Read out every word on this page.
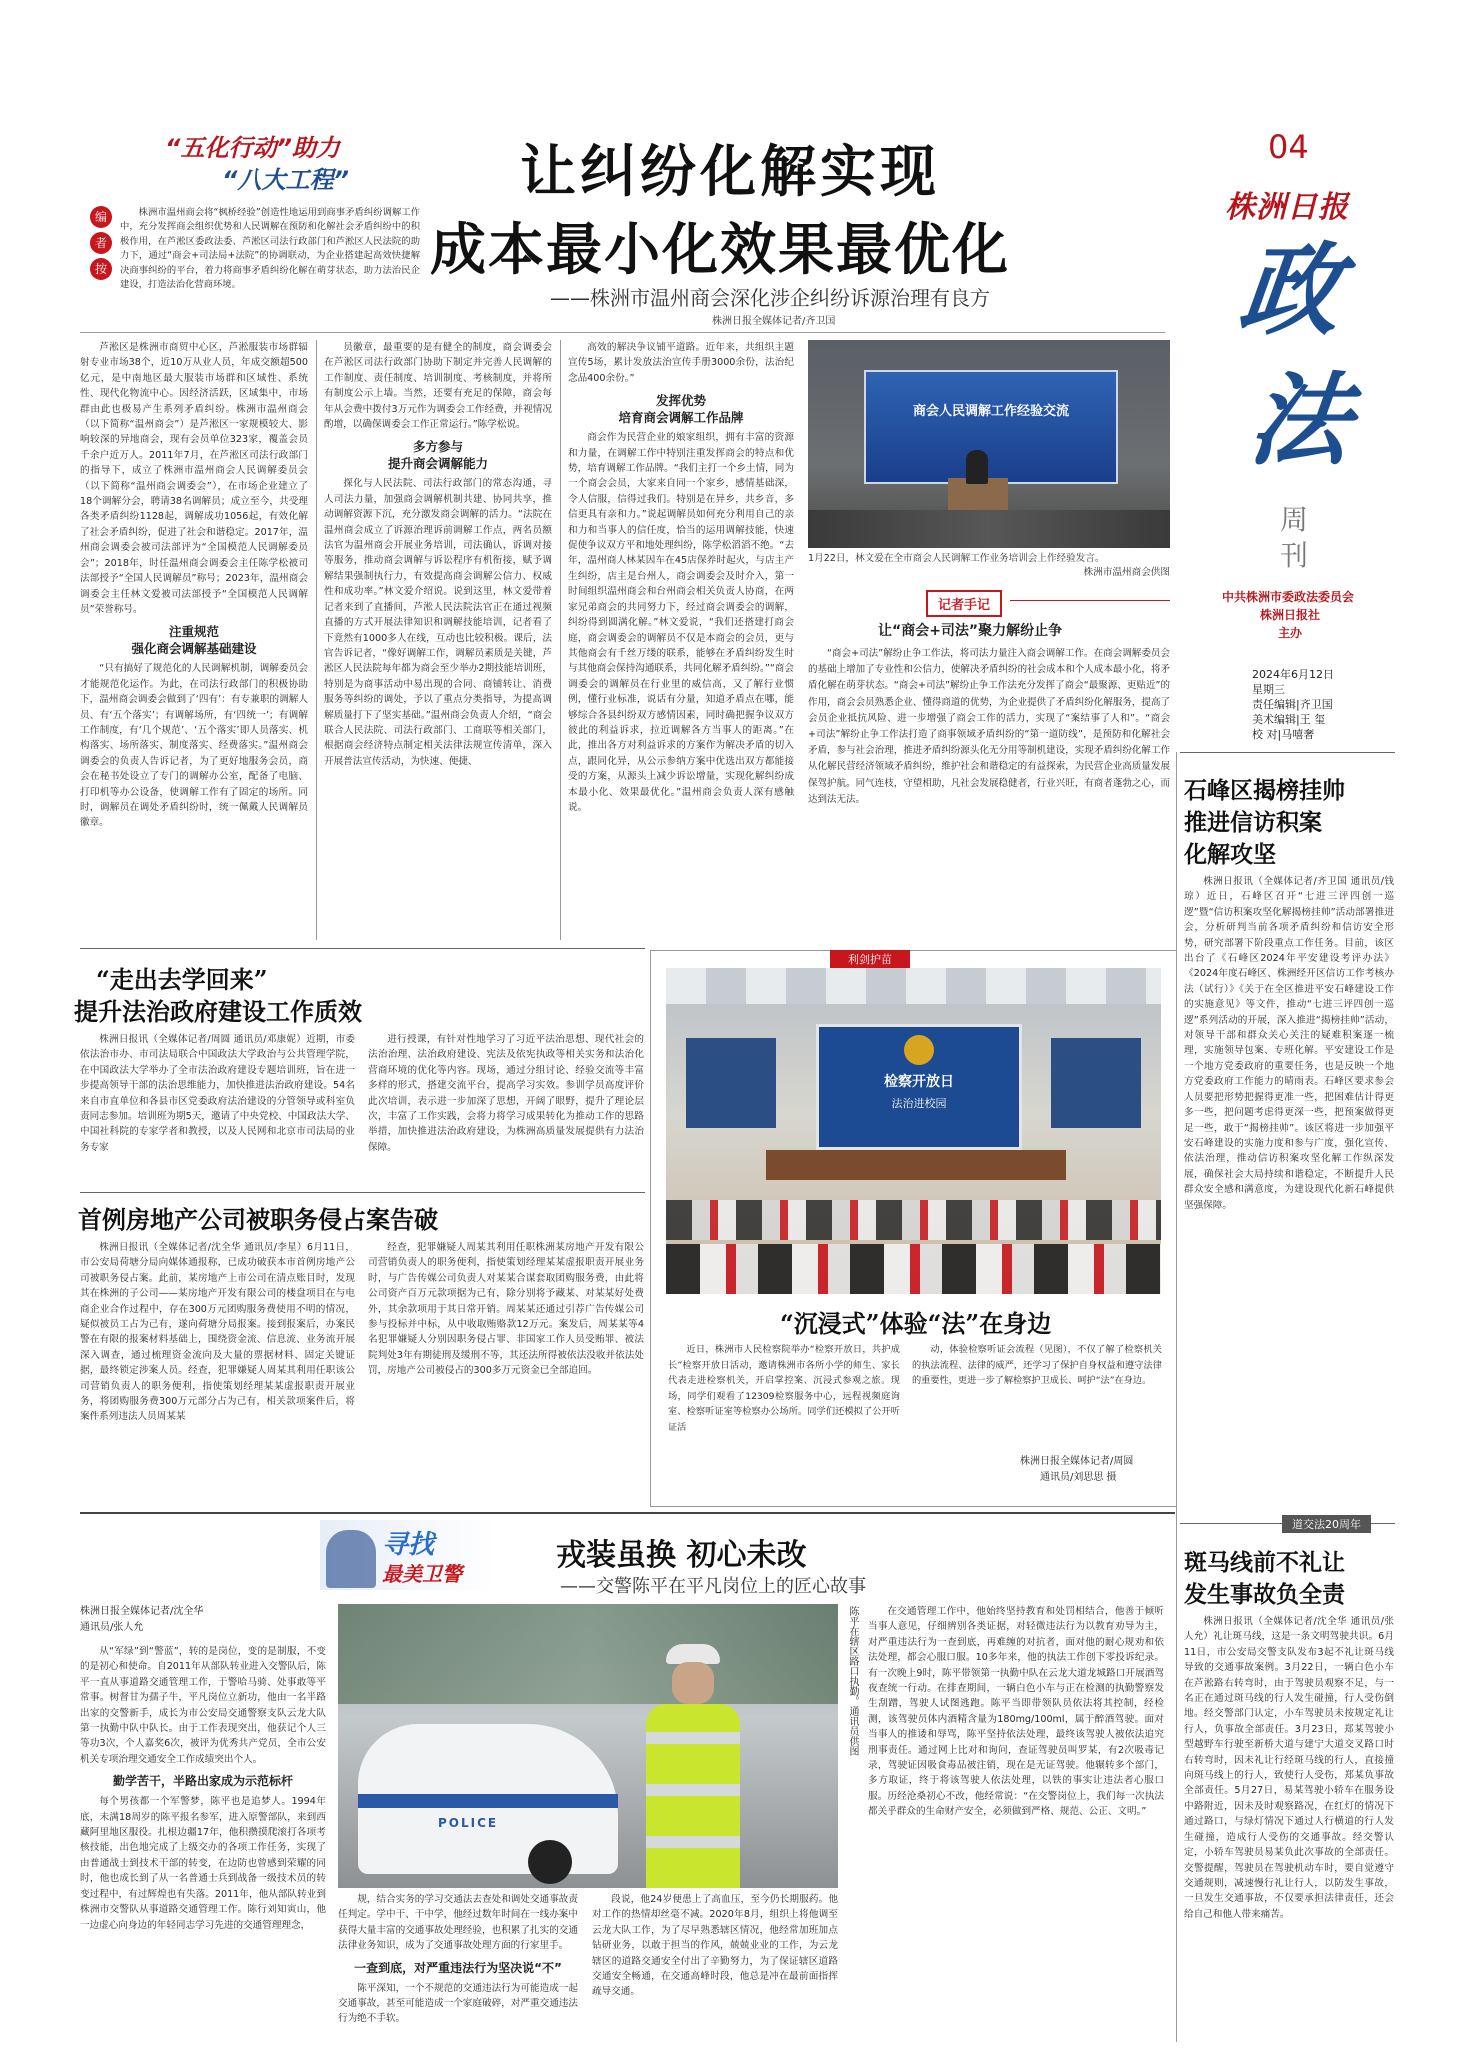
04
株洲日报
政
法
周
刊
中共株洲市委政法委员会
株洲日报社
主办
2024年6月12日
星期三
责任编辑|齐卫国
美术编辑|王 玺
校 对|马嘻奢
“五化行动”助力
“八大工程”
编
者
按
株洲市温州商会将“枫桥经验”创造性地运用到商事矛盾纠纷调解工作中，充分发挥商会组织优势和人民调解在预防和化解社会矛盾纠纷中的积极作用，在芦淞区委政法委、芦淞区司法行政部门和芦淞区人民法院的助力下，通过“商会+司法局+法院”的协调联动，为企业搭建起高效快捷解决商事纠纷的平台，着力将商事矛盾纠纷化解在萌芽状态，助力法治民企建设，打造法治化营商环境。
让纠纷化解实现
成本最小化效果最优化
——株洲市温州商会深化涉企纠纷诉源治理有良方
株洲日报全媒体记者/齐卫国

芦淞区是株洲市商贸中心区，芦淞服装市场群辐射专业市场38个，近10万从业人员，年成交额超500亿元，是中南地区最大服装市场群和区域性、系统性、现代化物流中心。因经济活跃，区域集中，市场群由此也极易产生系列矛盾纠纷。株洲市温州商会（以下简称“温州商会”）是芦淞区一家规模较大、影响较深的异地商会，现有会员单位323家，覆盖会员千余户近万人。2011年7月，在芦淞区司法行政部门的指导下，成立了株洲市温州商会人民调解委员会（以下简称“温州商会调委会”），在市场企业建立了18个调解分会，聘请38名调解员；成立至今，共受理各类矛盾纠纷1128起，调解成功1056起，有效化解了社会矛盾纠纷，促进了社会和谐稳定。2017年，温州商会调委会被司法部评为“全国模范人民调解委员会”；2018年，时任温州商会调委会主任陈学松被司法部授予“全国人民调解员”称号；2023年，温州商会调委会主任林文爱被司法部授予“全国模范人民调解员”荣誉称号。

注重规范
强化商会调解基础建设

“只有搞好了规范化的人民调解机制，调解委员会才能规范化运作。为此，在司法行政部门的积极协助下，温州商会调委会做到了‘四有’：有专兼职的调解人员、有‘五个落实’；有调解场所，有‘四统一’；有调解工作制度，有‘几个规范’、‘五个落实’即人员落实、机构落实、场所落实、制度落实、经费落实。”温州商会调委会的负责人告诉记者，为了更好地服务会员，商会在秘书处设立了专门的调解办公室，配备了电脑、打印机等办公设备，使调解工作有了固定的场所。同时，调解员在调处矛盾纠纷时，统一佩戴人民调解员徽章。

员徽章，最重要的是有健全的制度，商会调委会在芦淞区司法行政部门协助下制定并完善人民调解的工作制度、责任制度、培训制度、考核制度，并将所有制度公示上墙。当然，还要有充足的保障，商会每年从会费中拨付3万元作为调委会工作经费，并视情况酌增，以确保调委会工作正常运行。”陈学松说。

多方参与
提升商会调解能力

探化与人民法院、司法行政部门的常态沟通，寻人司法力量，加强商会调解机制共建、协同共享，推动调解资源下沉，充分激发商会调解的活力。“法院在温州商会成立了诉源治理诉前调解工作点，两名员额法官为温州商会开展业务培训，司法确认，诉调对接等服务，推动商会调解与诉讼程序有机衔接，赋予调解结果强制执行力，有效提高商会调解公信力、权威性和成功率。”林文爱介绍说。说到这里，林文爱带着记者来到了直播间，芦淞人民法院法官正在通过视频直播的方式开展法律知识和调解技能培训，记者看了下竟然有1000多人在线，互动也比较积极。课后，法官告诉记者，“像好调解工作，调解员素质是关键，芦淞区人民法院每年都为商会至少举办2期技能培训班，特别是为商事活动中易出现的合同、商铺转让、消费服务等纠纷的调处，予以了重点分类指导，为提高调解质量打下了坚实基础。”温州商会负责人介绍，“商会联合人民法院、司法行政部门、工商联等相关部门，根据商会经济特点制定相关法律法规宣传清单，深入开展普法宣传活动，为快速、便捷、

高效的解决争议铺平道路。近年来，共组织主题宣传5场，累计发放法治宣传手册3000余份，法治纪念品400余份。”

发挥优势
培育商会调解工作品牌

商会作为民营企业的娘家组织，拥有丰富的资源和力量，在调解工作中特别注重发挥商会的特点和优势，培育调解工作品牌。“我们主打一个乡土情，同为一个商会会员，大家来自同一个家乡，感情基础深，令人信服，信得过我们。特别是在异乡，共乡音，多信更具有亲和力。”说起调解员如何充分利用自己的亲和力和当事人的信任度，恰当的运用调解技能，快速促使争议双方平和地处理纠纷，陈学松滔滔不绝。“去年，温州商人林某因车在45店保养时起火，与店主产生纠纷，店主是台州人，商会调委会及时介入，第一时间组织温州商会和台州商会相关负责人协商，在两家兄弟商会的共同努力下，经过商会调委会的调解，纠纷得到圆满化解。”林文爱说，“我们还搭建打商会庭，商会调委会的调解员不仅是本商会的会员，更与其他商会有千丝万缕的联系，能够在矛盾纠纷发生时与其他商会保持沟通联系，共同化解矛盾纠纷。”“商会调委会的调解员在行业里的威信高，又了解行业惯例，懂行业标准，说话有分量，知道矛盾点在哪，能够综合各县纠纷双方感情因素，同时确把握争议双方彼此的利益诉求，拉近调解各方当事人的距离。”在此，推出各方对利益诉求的方案作为解决矛盾的切入点，跟同化异，从公示参纳方案中优选出双方都能接受的方案，从源头上减少诉讼增量，实现化解纠纷成本最小化、效果最优化。”温州商会负责人深有感触说。

商会人民调解工作经验交流
1月22日，林文爱在全市商会人民调解工作业务培训会上作经验发言。
株洲市温州商会供图
记者手记
让“商会+司法”聚力解纷止争
“商会+司法”解纷止争工作法，将司法力量注入商会调解工作。在商会调解委员会的基础上增加了专业性和公信力，使解决矛盾纠纷的社会成本和个人成本最小化，将矛盾化解在萌芽状态。“商会+司法”解纷止争工作法充分发挥了商会“最聚源、更贴近”的作用，商会会员熟悉企业、懂得商道的优势，为企业提供了矛盾纠纷化解服务，提高了会员企业抵抗风险、进一步增强了商会工作的活力，实现了“案结事了人和”。“商会+司法”解纷止争工作法打造了商事领域矛盾纠纷的“第一道防线”，是预防和化解社会矛盾，参与社会治理，推进矛盾纠纷源头化无分用等制机建设，实现矛盾纠纷化解工作从化解民营经济领域矛盾纠纷，维护社会和谐稳定的有益探索，为民营企业高质量发展保驾护航。同气连枝，守望相助，凡社会发展稳健者，行业兴旺，有商者蓬勃之心，而达到法无法。
“走出去学回来”
提升法治政府建设工作质效
株洲日报讯（全媒体记者/周圆 通讯员/邓康妮）近期，市委依法治市办、市司法局联合中国政法大学政治与公共管理学院，在中国政法大学举办了全市法治政府建设专题培训班，旨在进一步提高领导干部的法治思维能力，加快推进法治政府建设。54名来自市直单位和各县市区党委政府法治建设的分管领导或科室负责同志参加。培训班为期5天，邀请了中央党校、中国政法大学、中国社科院的专家学者和教授，以及人民网和北京市司法局的业务专家
进行授课，有针对性地学习了习近平法治思想、现代社会的法治治理、法治政府建设、宪法及依宪执政等相关实务和法治化营商环境的优化等内容。现场，通过分组讨论、经验交流等丰富多样的形式，搭建交流平台，提高学习实效。参训学员高度评价此次培训，表示进一步加深了思想，开阔了眼野，提升了理论层次，丰富了工作实践，会将力将学习成果转化为推动工作的思路举措，加快推进法治政府建设，为株洲高质量发展提供有力法治保障。
首例房地产公司被职务侵占案告破
株洲日报讯（全媒体记者/沈全华 通讯员/李星）6月11日，市公安局荷塘分局向媒体通报称，已成功破获本市首例房地产公司被职务侵占案。此前，某房地产上市公司在清点账目时，发现其在株洲的子公司——某房地产开发有限公司的楼盘项目在与电商企业合作过程中，存在300万元团购服务费使用不明的情况，疑似被员工占为己有，遂向荷塘分局报案。接到报案后，办案民警在有限的报案材料基础上，围绕资金流、信息流、业务流开展深入调查，通过梳理资金流向及大量的票据材料、固定关键证据，最终锁定涉案人员。经查，犯罪嫌疑人周某其利用任职该公司营销负责人的职务便利，指使策划经理某某虚报职责开展业务，将团购服务费300万元部分占为己有，相关款项案件后，将案件系列违法人员周某某
经查，犯罪嫌疑人周某其利用任职株洲某房地产开发有限公司营销负责人的职务便利，指使策划经理某某虚报职责开展业务时，与广告传媒公司负责人对某某合谋套取团购服务费，由此将公司资产百万元款项据为己有，除分别将予藏某、对某某好处费外，其余款项用于其日常开销。周某某还通过引荐广告传媒公司参与投标并中标，从中收取贿赂款12万元。案发后，周某某等4名犯罪嫌疑人分别因职务侵占罪、非国家工作人员受贿罪、被法院判处3年有期徒刑及缓刑不等，其还法所得被依法没收并依法处罚，房地产公司被侵占的300多万元资金已全部追回。
利剑护苗
检察开放日
法治进校园
“沉浸式”体验“法”在身边
近日，株洲市人民检察院举办“检察开放日，共护成长”检察开放日活动，邀请株洲市各所小学的师生、家长代表走进检察机关，开启掌控案、沉浸式参观之旅。现场，同学们观看了12309检察服务中心，远程视频庭询室、检察听证室等检察办公场所。同学们还模拟了公开听证活
动，体验检察听证会流程（见图），不仅了解了检察机关的执法流程、法律的威严，还学习了保护自身权益和遵守法律的重要性，更进一步了解检察护卫成长、呵护“法”在身边。
株洲日报全媒体记者/周圆
通讯员/刘思思 摄
石峰区揭榜挂帅
推进信访积案
化解攻坚
株洲日报讯（全媒体记者/齐卫国 通讯员/钱琼）近日，石峰区召开“七进三评四创一巡逻”暨“信访积案攻坚化解揭榜挂帅”活动部署推进会，分析研判当前各项矛盾纠纷和信访安全形势，研究部署下阶段重点工作任务。目前，该区出台了《石峰区2024年平安建设考评办法》《2024年度石峰区、株洲经开区信访工作考核办法（试行）》《关于在全区推进平安石峰建设工作的实施意见》等文件，推动“七进三评四创一巡逻”系列活动的开展，深入推进“揭榜挂帅”活动，对领导干部和群众关心关注的疑难积案逐一梳理，实施领导包案、专班化解。平安建设工作是一个地方党委政府的重要任务，也是反映一个地方党委政府工作能力的晴雨表。石峰区要求参会人员要把形势把握得更准一些，把困难估计得更多一些，把问题考虑得更深一些，把预案做得更足一些，敢于“揭榜挂帅”。该区将进一步加强平安石峰建设的实施力度和参与广度，强化宣传、依法治理，推动信访积案攻坚化解工作纵深发展，确保社会大局持续和谐稳定，不断提升人民群众安全感和满意度，为建设现代化新石峰提供坚强保障。
道交法20周年
斑马线前不礼让
发生事故负全责
株洲日报讯（全媒体记者/沈全华 通讯员/张人允）礼让斑马线，这是一条文明驾驶共识。6月11日，市公安局交警支队发布3起不礼让斑马线导致的交通事故案例。3月22日，一辆白色小车在芦淞路右转弯时，由于驾驶员观察不足，与一名正在通过斑马线的行人发生碰撞，行人受伤倒地。经交警部门认定，小车驾驶员未按规定礼让行人，负事故全部责任。3月23日，郑某驾驶小型越野车行驶至新桥大道与建宁大道交叉路口时右转弯时，因未礼让行经斑马线的行人，直接撞向斑马线上的行人，致使行人受伤，郑某负事故全部责任。5月27日，易某驾驶小轿车在服务设中路附近，因未及时观察路况，在红灯的情况下通过路口，与绿灯情况下通过人行横道的行人发生碰撞，造成行人受伤的交通事故。经交警认定，小轿车驾驶员易某负此次事故的全部责任。交警提醒，驾驶员在驾驶机动车时，要自觉遵守交通规则，减速慢行礼让行人，以防发生事故，一旦发生交通事故，不仅要承担法律责任，还会给自己和他人带来痛苦。
寻找
最美卫警
戎装虽换 初心未改
——交警陈平在平凡岗位上的匠心故事
株洲日报全媒体记者/沈全华
通讯员/张人允

从“军绿”到“警蓝”，转的是岗位，变的是制服，不变的是初心和使命。自2011年从部队转业进入交警队后，陈平一直从事道路交通管理工作，于警哈马骑、处事敢等平常事。树督甘为孺子牛，平凡岗位立新功，他由一名半路出家的交警新手，成长为市公安局交通警察支队云龙大队第一执勤中队中队长。由于工作表现突出，他获记个人三等功3次，个人嘉奖6次，被评为优秀共产党员，全市公安机关专项治理交通安全工作成绩突出个人。

勤学苦干，半路出家成为示范标杆

每个男孩都一个军警梦，陈平也是追梦人。1994年底，未满18周岁的陈平报名参军，进入原警部队，来到西藏阿里地区服役。扎根边疆17年，他积攒摸爬滚打各项考核技能，出色地完成了上级交办的各项工作任务，实现了由普通战士到技术干部的转变，在边防也曾感到荣耀的同时，他也成长到了从一名普通士兵到战备一级技术员的转变过程中，有过辉煌也有失落。2011年，他从部队转业到株洲市交警队从事道路交通管理工作。陈行刘知寅山，他一边虚心向身边的年轻同志学习先进的交通管理理念，

POLICE
陈平在辖区路口执勤。通讯员供图

规，结合实务的学习交通法去查处和调处交通事故责任判定。学中干、干中学，他经过数年时间在一线办案中获得大量丰富的交通事故处理经验，也积累了扎实的交通法律业务知识，成为了交通事故处理方面的行家里手。

一查到底，对严重违法行为坚决说“不”

陈平深知，一个不规范的交通违法行为可能造成一起交通事故，甚至可能造成一个家庭破碎，对严重交通违法行为绝不手软。

段说，他24岁便患上了高血压，至今仍长期服药。他对工作的热情却丝毫不减。2020年8月，组织上将他调至云龙大队工作，为了尽早熟悉辖区情况，他经常加班加点钻研业务，以敢于担当的作风，兢兢业业的工作，为云龙辖区的道路交通安全付出了辛勤努力，为了保证辖区道路交通安全畅通，在交通高峰时段，他总是冲在最前面指挥疏导交通。
在交通管理工作中，他始终坚持教育和处罚相结合，他善于倾听当事人意见，仔细辨别各类证据，对轻微违法行为以教育劝导为主，对严重违法行为一查到底，再难缠的对抗者，面对他的耐心规劝和依法处理，都会心服口服。10多年来，他的执法工作创下零投诉纪录。有一次晚上9时，陈平带领第一执勤中队在云龙大道龙城路口开展酒驾夜查统一行动。在排查期间，一辆白色小车与正在检测的执勤警察发生刮蹭，驾驶人试图逃跑。陈平当即带领队员依法将其控制，经检测，该驾驶员体内酒精含量为180mg/100ml，属于醉酒驾驶。面对当事人的推诿和辱骂，陈平坚持依法处理，最终该驾驶人被依法追究刑事责任。通过网上比对和询问，查证驾驶员叫罗某，有2次吸毒记录，驾驶证因吸食毒品被注销，现在是无证驾驶。他辗转多个部门，多方取证，终于将该驾驶人依法处理，以铁的事实让违法者心服口服。历经沧桑初心不改，他经常说：“在交警岗位上，我们每一次执法都关乎群众的生命财产安全，必须做到严格、规范、公正、文明。”
